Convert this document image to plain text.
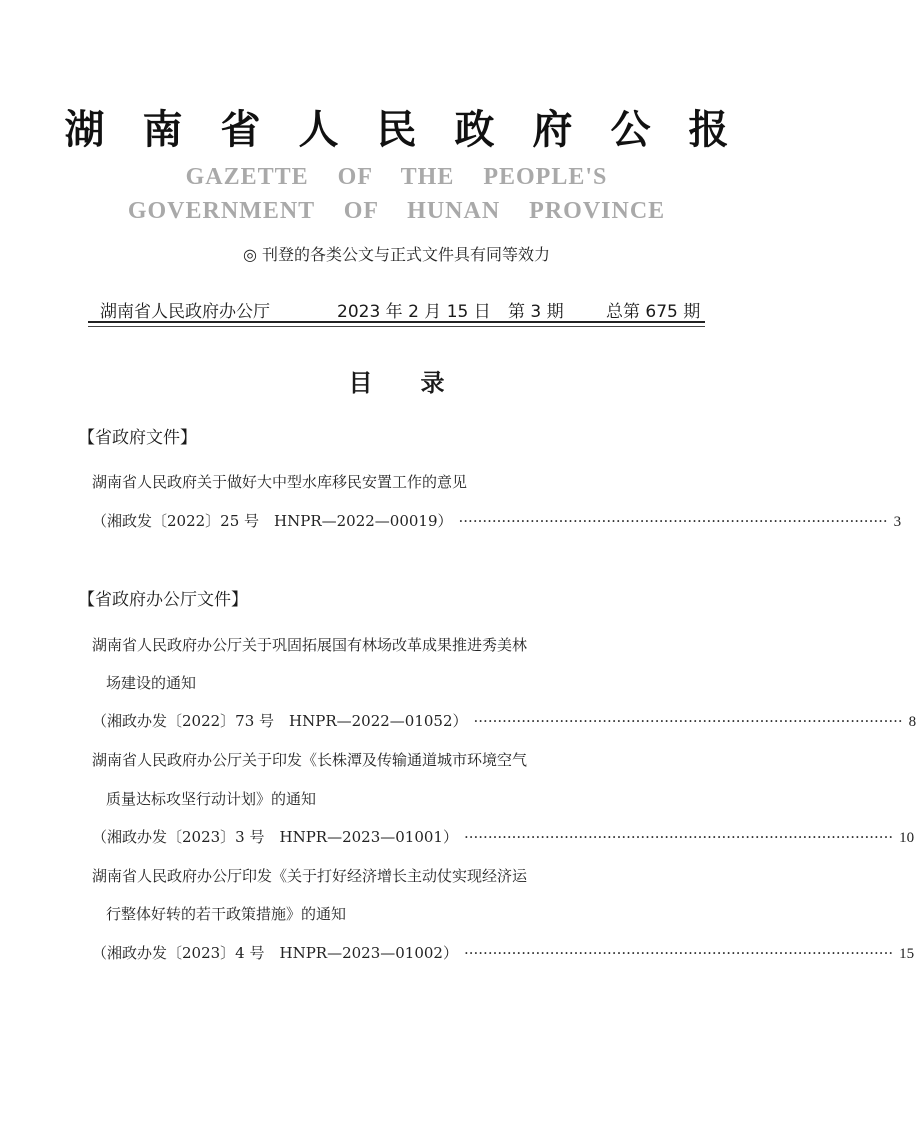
湖南省人民政府公报
GAZETTE OF THE PEOPLE'S
GOVERNMENT OF HUNAN PROVINCE
◎ 刊登的各类公文与正式文件具有同等效力
湖南省人民政府办公厅	2023 年 2 月 15 日 第 3 期 总第 675 期
目录
【省政府文件】
湖南省人民政府关于做好大中型水库移民安置工作的意见
（湘政发〔2022〕25 号　HNPR—2022—00019） ·························································································· 3
【省政府办公厅文件】
湖南省人民政府办公厅关于巩固拓展国有林场改革成果推进秀美林
场建设的通知
（湘政办发〔2022〕73 号　HNPR—2022—01052） ·························································································· 8
湖南省人民政府办公厅关于印发《长株潭及传输通道城市环境空气
质量达标攻坚行动计划》的通知
（湘政办发〔2023〕3 号　HNPR—2023—01001） ·························································································· 10
湖南省人民政府办公厅印发《关于打好经济增长主动仗实现经济运
行整体好转的若干政策措施》的通知
（湘政办发〔2023〕4 号　HNPR—2023—01002） ·························································································· 15
